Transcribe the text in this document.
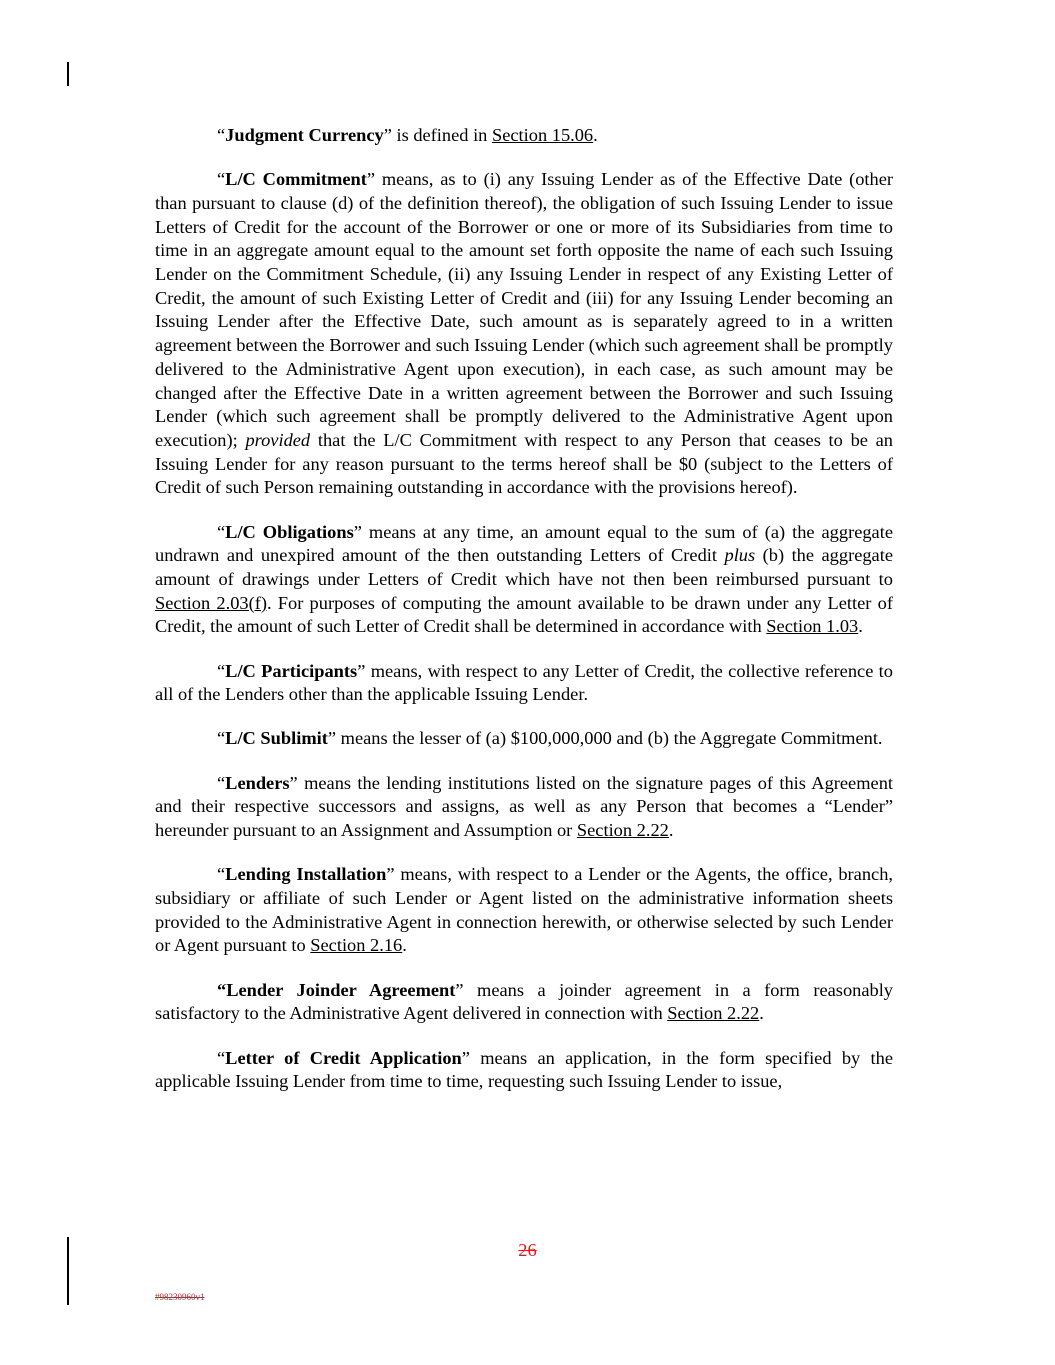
“Judgment Currency” is defined in Section 15.06.

“L/C Commitment” means, as to (i) any Issuing Lender as of the Effective Date (other than pursuant to clause (d) of the definition thereof), the obligation of such Issuing Lender to issue Letters of Credit for the account of the Borrower or one or more of its Subsidiaries from time to time in an aggregate amount equal to the amount set forth opposite the name of each such Issuing Lender on the Commitment Schedule, (ii) any Issuing Lender in respect of any Existing Letter of Credit, the amount of such Existing Letter of Credit and (iii) for any Issuing Lender becoming an Issuing Lender after the Effective Date, such amount as is separately agreed to in a written agreement between the Borrower and such Issuing Lender (which such agreement shall be promptly delivered to the Administrative Agent upon execution), in each case, as such amount may be changed after the Effective Date in a written agreement between the Borrower and such Issuing Lender (which such agreement shall be promptly delivered to the Administrative Agent upon execution); provided that the L/C Commitment with respect to any Person that ceases to be an Issuing Lender for any reason pursuant to the terms hereof shall be $0 (subject to the Letters of Credit of such Person remaining outstanding in accordance with the provisions hereof).

“L/C Obligations” means at any time, an amount equal to the sum of (a) the aggregate undrawn and unexpired amount of the then outstanding Letters of Credit plus (b) the aggregate amount of drawings under Letters of Credit which have not then been reimbursed pursuant to Section 2.03(f). For purposes of computing the amount available to be drawn under any Letter of Credit, the amount of such Letter of Credit shall be determined in accordance with Section 1.03.

“L/C Participants” means, with respect to any Letter of Credit, the collective reference to all of the Lenders other than the applicable Issuing Lender.

“L/C Sublimit” means the lesser of (a) $100,000,000 and (b) the Aggregate Commitment.

“Lenders” means the lending institutions listed on the signature pages of this Agreement and their respective successors and assigns, as well as any Person that becomes a “Lender” hereunder pursuant to an Assignment and Assumption or Section 2.22.

“Lending Installation” means, with respect to a Lender or the Agents, the office, branch, subsidiary or affiliate of such Lender or Agent listed on the administrative information sheets provided to the Administrative Agent in connection herewith, or otherwise selected by such Lender or Agent pursuant to Section 2.16.

“Lender Joinder Agreement” means a joinder agreement in a form reasonably satisfactory to the Administrative Agent delivered in connection with Section 2.22.

“Letter of Credit Application” means an application, in the form specified by the applicable Issuing Lender from time to time, requesting such Issuing Lender to issue,

26
#98230960v1
